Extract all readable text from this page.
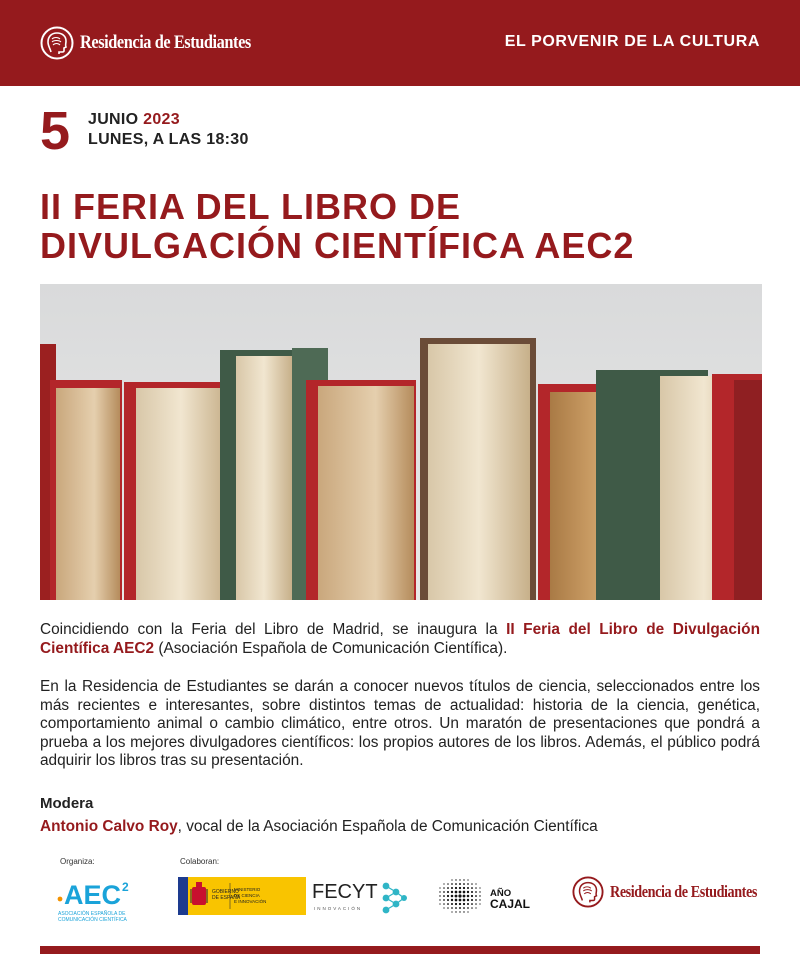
Residencia de Estudiantes	EL PORVENIR DE LA CULTURA
5 JUNIO 2023
LUNES, A LAS 18:30
II FERIA DEL LIBRO DE
DIVULGACIÓN CIENTÍFICA AEC2

Coincidiendo con la Feria del Libro de Madrid, se inaugura la II Feria del Libro de Divulgación Científica AEC2 (Asociación Española de Comunicación Científica).

En la Residencia de Estudiantes se darán a conocer nuevos títulos de ciencia, seleccionados entre los más recientes e interesantes, sobre distintos temas de actualidad: historia de la ciencia, genética, comportamiento animal o cambio climático, entre otros. Un maratón de presentaciones que pondrá a prueba a los mejores divulgadores científicos: los propios autores de los libros. Además, el público podrá adquirir los libros tras su presentación.

Modera
Antonio Calvo Roy, vocal de la Asociación Española de Comunicación Científica
Organiza:	Colaboran:
AEC 2
ASOCIACIÓN ESPAÑOLA DE
COMUNICACIÓN CIENTÍFICA
GOBIERNO
DE ESPAÑA
MINISTERIO
DE CIENCIA
E INNOVACIÓN FECYT
INNOVACIÓN
AÑO
CAJAL
Residencia de Estudiantes
